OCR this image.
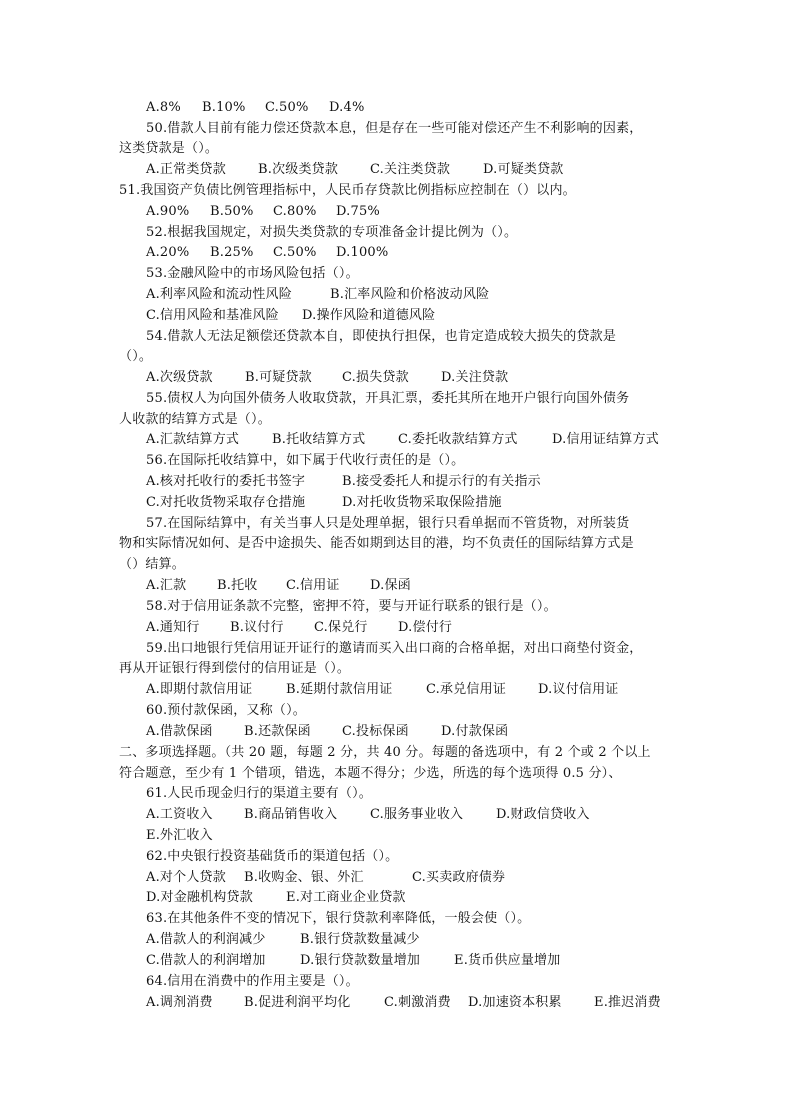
A.8% B.10% C.50% D.4%
50.借款人目前有能力偿还贷款本息，但是存在一些可能对偿还产生不利影响的因素，
这类贷款是（）。
A.正常类贷款 B.次级类贷款 C.关注类贷款	D.可疑类贷款
51.我国资产负债比例管理指标中，人民币存贷款比例指标应控制在（）以内。
A.90% B.50% C.80% D.75%
52.根据我国规定，对损失类贷款的专项准备金计提比例为（）。
A.20% B.25% C.50% D.100%
53.金融风险中的市场风险包括（）。
A.利率风险和流动性风险	B.汇率风险和价格波动风险
C.信用风险和基准风险 D.操作风险和道德风险
54.借款人无法足额偿还贷款本自，即使执行担保，也肯定造成较大损失的贷款是
（）。
A.次级贷款 B.可疑贷款 C.损失贷款 D.关注贷款
55.债权人为向国外债务人收取贷款，开具汇票，委托其所在地开户银行向国外债务
人收款的结算方式是（）。
A.汇款结算方式	B.托收结算方式	C.委托收款结算方式	D.信用证结算方式
56.在国际托收结算中，如下属于代收行责任的是（）。
A.核对托收行的委托书签字	B.接受委托人和提示行的有关指示
C.对托收货物采取存仓措施	D.对托收货物采取保险措施
57.在国际结算中，有关当事人只是处理单据，银行只看单据而不管货物，对所装货
物和实际情况如何、是否中途损失、能否如期到达目的港，均不负责任的国际结算方式是
（）结算。
A.汇款 B.托收 C.信用证 D.保函
58.对于信用证条款不完整，密押不符，要与开证行联系的银行是（）。
A.通知行 B.议付行 C.保兑行 D.偿付行
59.出口地银行凭信用证开证行的邀请而买入出口商的合格单据，对出口商垫付资金，
再从开证银行得到偿付的信用证是（）。
A.即期付款信用证	B.延期付款信用证	C.承兑信用证 D.议付信用证
60.预付款保函，又称（）。
A.借款保函 B.还款保函 C.投标保函 D.付款保函
二、多项选择题。（共 20 题，每题 2 分，共 40 分。每题的备选项中，有 2 个或 2 个以上
符合题意，至少有 1 个错项，错选，本题不得分；少选，所选的每个选项得 0.5 分）、
61.人民币现金归行的渠道主要有（）。
A.工资收入 B.商品销售收入	C.服务事业收入	D.财政信贷收入
E.外汇收入
62.中央银行投资基础货币的渠道包括（）。
A.对个人贷款 B.收购金、银、外汇	C.买卖政府债券
D.对金融机构贷款	E.对工商业企业贷款
63.在其他条件不变的情况下，银行贷款利率降低，一般会使（）。
A.借款人的利润减少	B.银行贷款数量减少
C.借款人的利润增加	D.银行贷款数量增加	E.货币供应量增加
64.信用在消费中的作用主要是（）。
A.调剂消费 B.促进利润平均化	C.刺激消费 D.加速资本积累 E.推迟消费
